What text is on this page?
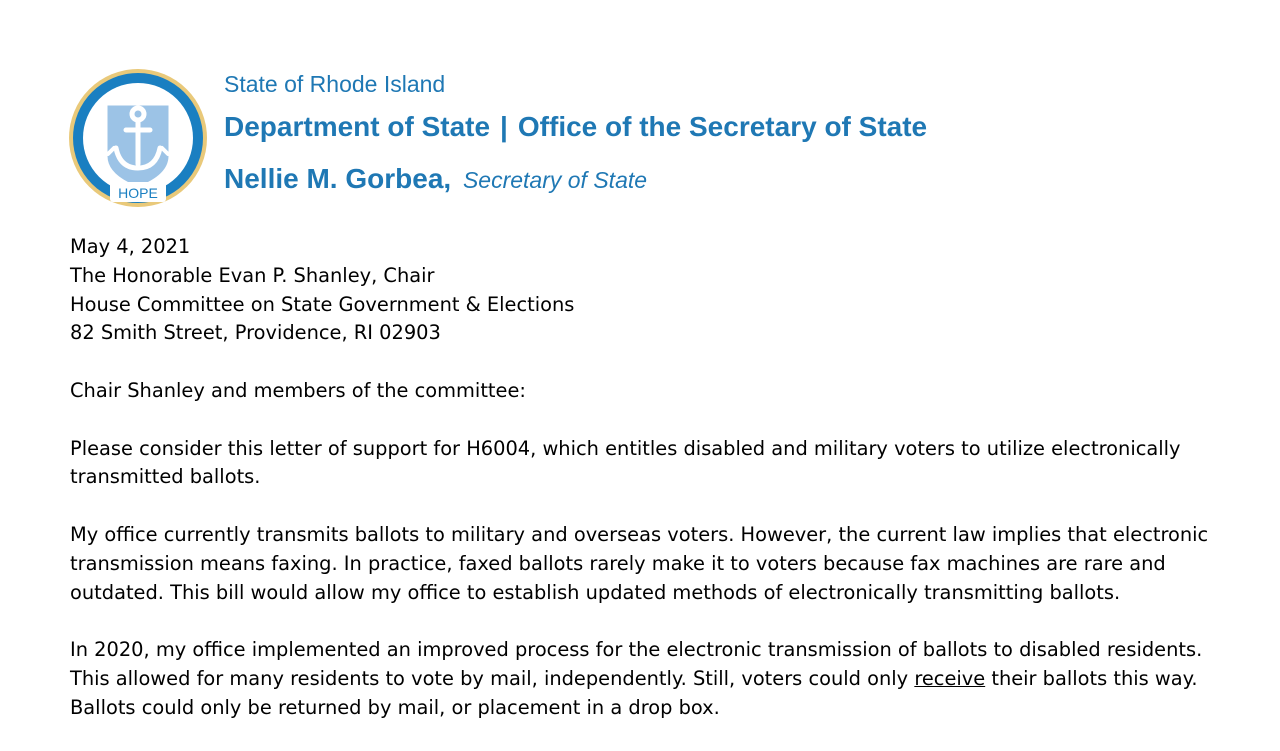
HOPE
State of Rhode Island
Department of State | Office of the Secretary of State
Nellie M. Gorbea, Secretary of State

May 4, 2021
The Honorable Evan P. Shanley, Chair
House Committee on State Government & Elections
82 Smith Street, Providence, RI 02903

Chair Shanley and members of the committee:

Please consider this letter of support for H6004, which entitles disabled and military voters to utilize electronically transmitted ballots.

My office currently transmits ballots to military and overseas voters. However, the current law implies that electronic transmission means faxing. In practice, faxed ballots rarely make it to voters because fax machines are rare and outdated. This bill would allow my office to establish updated methods of electronically transmitting ballots.

In 2020, my office implemented an improved process for the electronic transmission of ballots to disabled residents. This allowed for many residents to vote by mail, independently. Still, voters could only receive their ballots this way. Ballots could only be returned by mail, or placement in a drop box.
